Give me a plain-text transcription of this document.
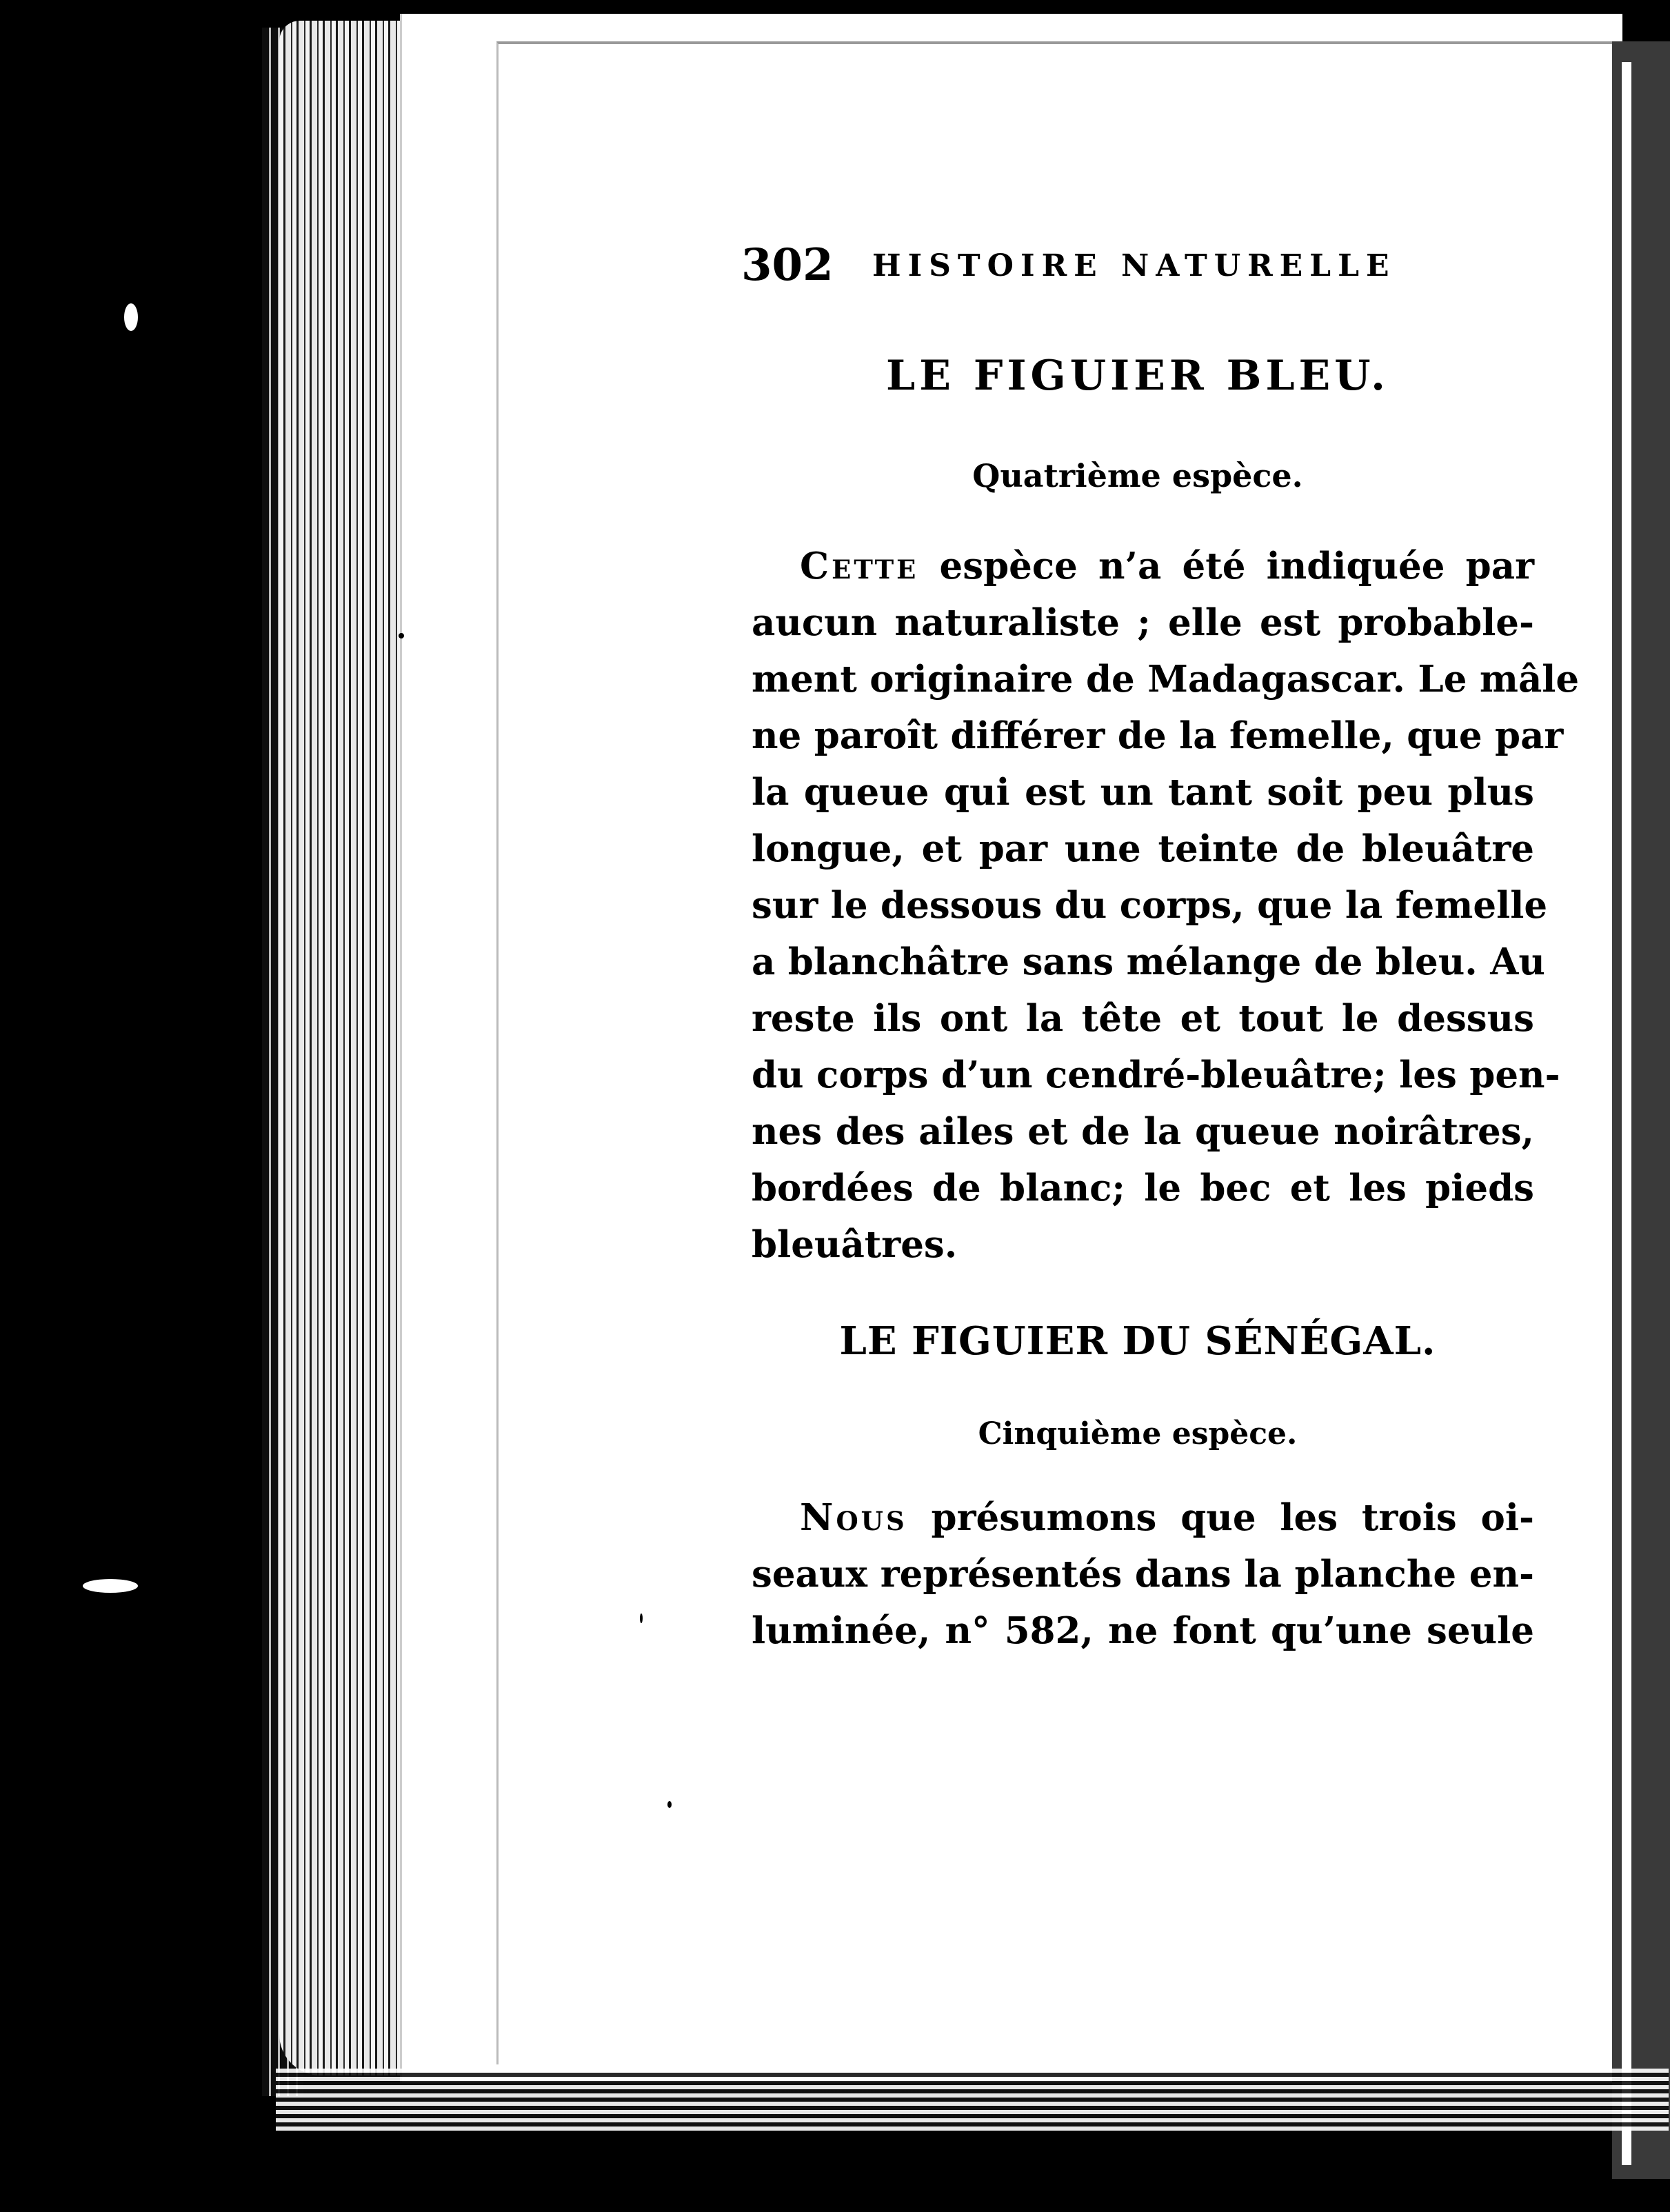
302 HISTOIRE NATURELLE
LE FIGUIER BLEU.
Quatrième espèce.
Cette espèce n’a été indiquée par
aucun naturaliste ; elle est probable-
ment originaire de Madagascar. Le mâle
ne paroît différer de la femelle, que par
la queue qui est un tant soit peu plus
longue, et par une teinte de bleuâtre
sur le dessous du corps, que la femelle
a blanchâtre sans mélange de bleu. Au
reste ils ont la tête et tout le dessus
du corps d’un cendré-bleuâtre; les pen-
nes des ailes et de la queue noirâtres,
bordées de blanc; le bec et les pieds
bleuâtres.
LE FIGUIER DU SÉNÉGAL.
Cinquième espèce.
Nous présumons que les trois oi-
seaux représentés dans la planche en-
luminée, n° 582, ne font qu’une seule
